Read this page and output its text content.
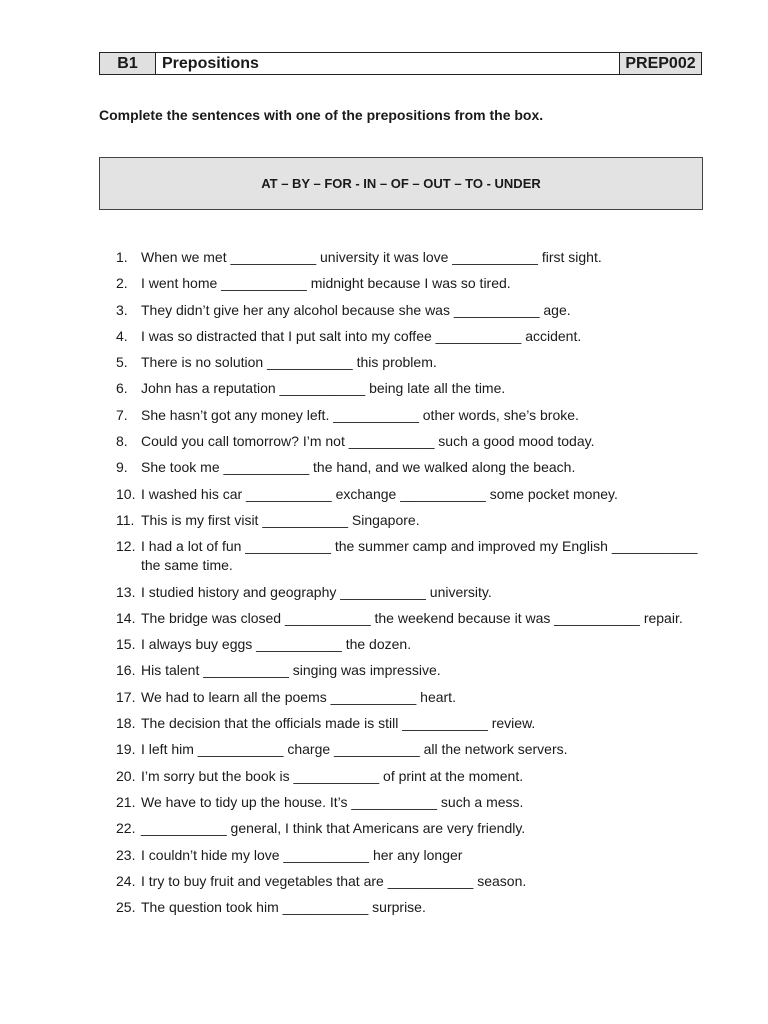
B1	Prepositions	PREP002
Complete the sentences with one of the prepositions from the box.
AT – BY – FOR - IN – OF – OUT – TO - UNDER
1. When we met ___________ university it was love ___________ first sight.
2. I went home ___________ midnight because I was so tired.
3. They didn’t give her any alcohol because she was ___________ age.
4. I was so distracted that I put salt into my coffee ___________ accident.
5. There is no solution ___________ this problem.
6. John has a reputation ___________ being late all the time.
7. She hasn’t got any money left. ___________ other words, she’s broke.
8. Could you call tomorrow? I’m not ___________ such a good mood today.
9. She took me ___________ the hand, and we walked along the beach.
10. I washed his car ___________ exchange ___________ some pocket money.
11. This is my first visit ___________ Singapore.
12. I had a lot of fun ___________ the summer camp and improved my English ___________ the same time.
13. I studied history and geography ___________ university.
14. The bridge was closed ___________ the weekend because it was ___________ repair.
15. I always buy eggs ___________ the dozen.
16. His talent ___________ singing was impressive.
17. We had to learn all the poems ___________ heart.
18. The decision that the officials made is still ___________ review.
19. I left him ___________ charge ___________ all the network servers.
20. I’m sorry but the book is ___________ of print at the moment.
21. We have to tidy up the house. It’s ___________ such a mess.
22. ___________ general, I think that Americans are very friendly.
23. I couldn’t hide my love ___________ her any longer
24. I try to buy fruit and vegetables that are ___________ season.
25. The question took him ___________ surprise.
